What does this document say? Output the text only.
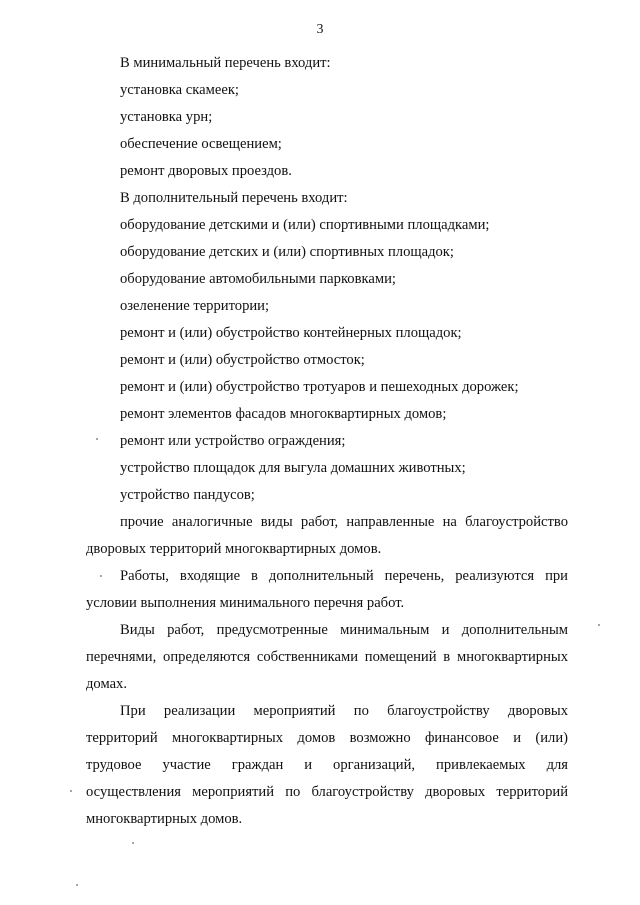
3
В минимальный перечень входит:
установка скамеек;
установка урн;
обеспечение освещением;
ремонт дворовых проездов.
В дополнительный перечень входит:
оборудование детскими и (или) спортивными площадками;
оборудование детских и (или) спортивных площадок;
оборудование автомобильными парковками;
озеленение территории;
ремонт и (или) обустройство контейнерных площадок;
ремонт и (или) обустройство отмосток;
ремонт и (или) обустройство тротуаров и пешеходных дорожек;
ремонт элементов фасадов многоквартирных домов;
ремонт или устройство ограждения;
устройство площадок для выгула домашних животных;
устройство пандусов;
прочие аналогичные виды работ, направленные на благоустройство
дворовых территорий многоквартирных домов.
Работы, входящие в дополнительный перечень, реализуются при
условии выполнения минимального перечня работ.
Виды работ, предусмотренные минимальным и дополнительным
перечнями, определяются собственниками помещений в многоквартирных
домах.
При реализации мероприятий по благоустройству дворовых
территорий многоквартирных домов возможно финансовое и (или)
трудовое участие граждан и организаций, привлекаемых для
осуществления мероприятий по благоустройству дворовых территорий
многоквартирных домов.
